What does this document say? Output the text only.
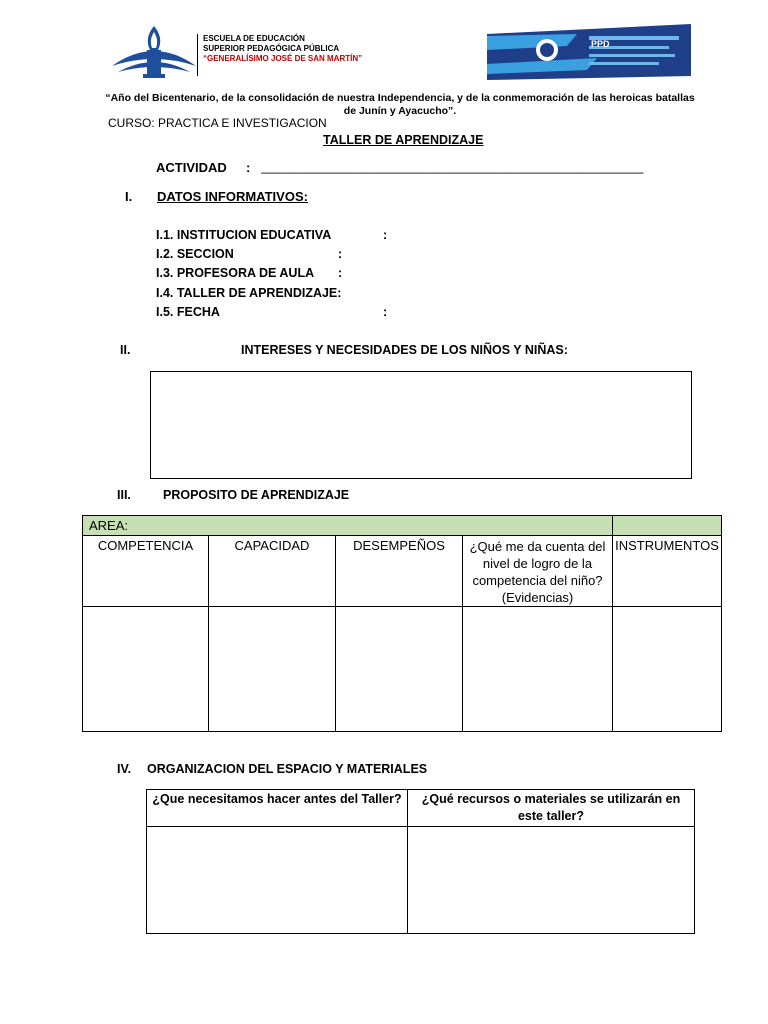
ESCUELA DE EDUCACIÓN
SUPERIOR PEDAGÓGICA PÚBLICA
“GENERALÍSIMO JOSÉ DE SAN MARTÍN”
PPD
“Año del Bicentenario, de la consolidación de nuestra Independencia, y de la conmemoración de las heroicas batallas
de Junín y Ayacucho”.
CURSO: PRACTICA E INVESTIGACION
TALLER DE APRENDIZAJE
ACTIVIDAD : _______________________________________________________
I. DATOS INFORMATIVOS:
I.1. INSTITUCION EDUCATIVA	:
I.2. SECCION	:
I.3. PROFESORA DE AULA :
I.4. TALLER DE APRENDIZAJE:
I.5. FECHA	:
II.	INTERESES Y NECESIDADES DE LOS NIÑOS Y NIÑAS:
III.	PROPOSITO DE APRENDIZAJE
AREA:				
COMPETENCIA	CAPACIDAD	DESEMPEÑOS	¿Qué me da cuenta del nivel de logro de la competencia del niño? (Evidencias)	INSTRUMENTOS

IV. ORGANIZACION DEL ESPACIO Y MATERIALES
¿Que necesitamos hacer antes del Taller?	¿Qué recursos o materiales se utilizarán en este taller?
